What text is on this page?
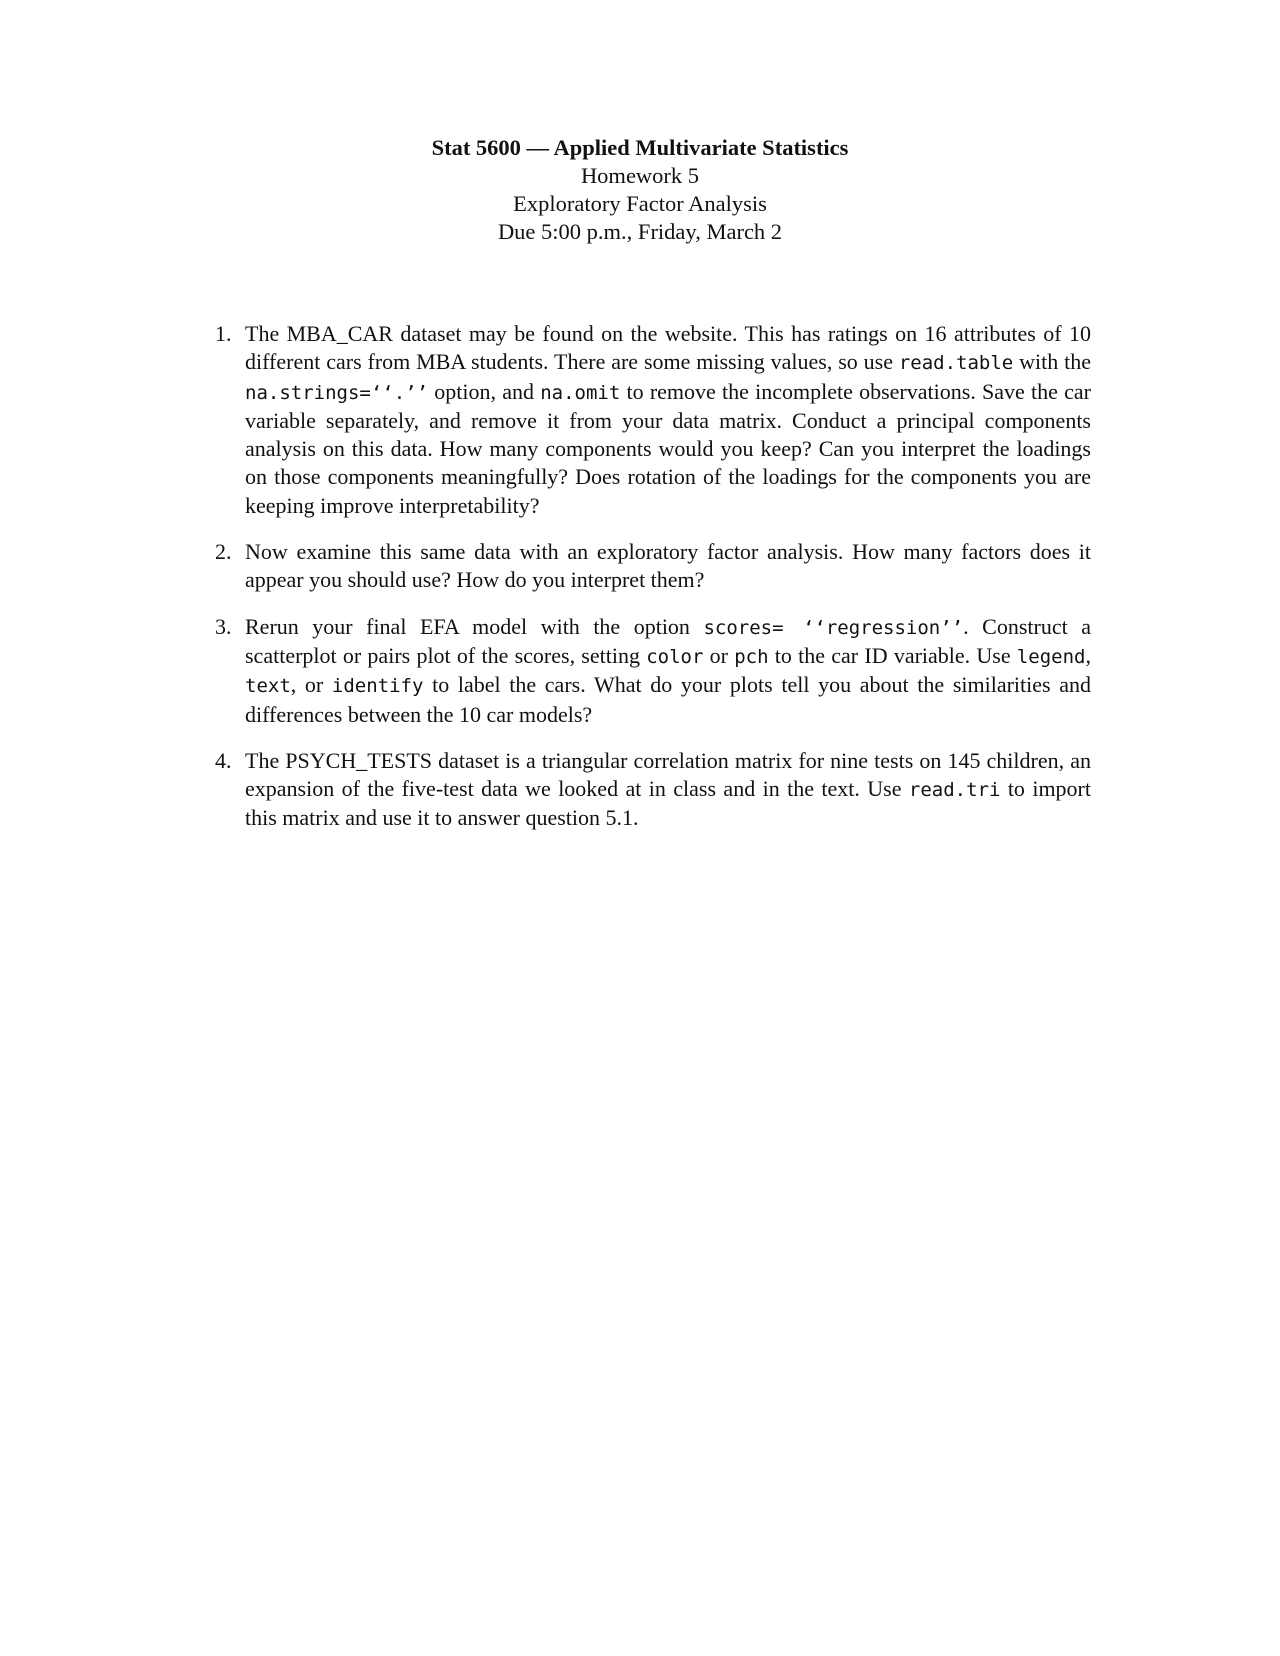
Stat 5600 — Applied Multivariate Statistics

Homework 5

Exploratory Factor Analysis

Due 5:00 p.m., Friday, March 2

1. The MBA_CAR dataset may be found on the website. This has ratings on 16 attributes of 10 different cars from MBA students. There are some missing values, so use read.table with the na.strings=‘‘.’’ option, and na.omit to remove the incomplete observations. Save the car variable separately, and remove it from your data matrix. Conduct a principal components analysis on this data. How many components would you keep? Can you interpret the loadings on those components meaningfully? Does rotation of the loadings for the components you are keeping improve interpretability?
2. Now examine this same data with an exploratory factor analysis. How many factors does it appear you should use? How do you interpret them?
3. Rerun your final EFA model with the option scores= ‘‘regression’’. Construct a scatterplot or pairs plot of the scores, setting color or pch to the car ID variable. Use legend, text, or identify to label the cars. What do your plots tell you about the similarities and differences between the 10 car models?
4. The PSYCH_TESTS dataset is a triangular correlation matrix for nine tests on 145 children, an expansion of the five-test data we looked at in class and in the text. Use read.tri to import this matrix and use it to answer question 5.1.
